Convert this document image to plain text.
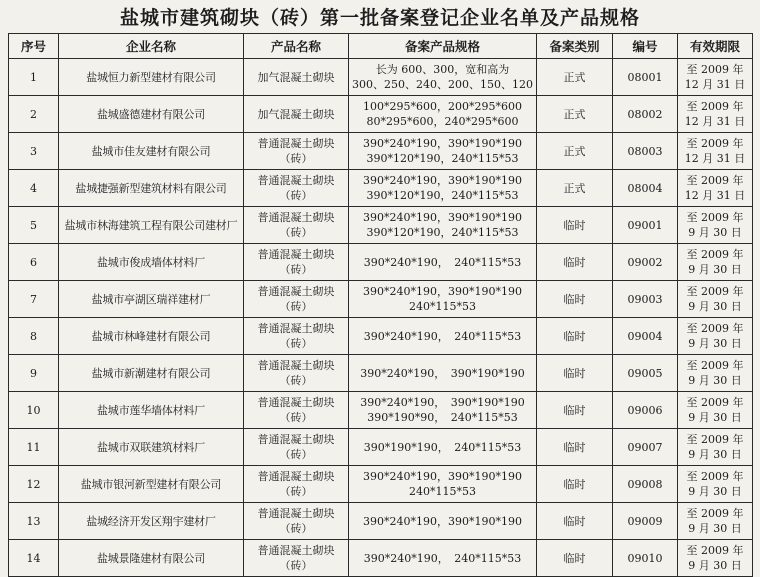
盐城市建筑砌块（砖）第一批备案登记企业名单及产品规格
序号	企业名称	产品名称	备案产品规格	备案类别	编号	有效期限
1	盐城恒力新型建材有限公司	加气混凝土砌块	长为 600、300，宽和高为
300、250、240、200、150、120	正式	08001	至 2009 年
12 月 31 日

2	盐城盛德建材有限公司	加气混凝土砌块	100*295*600，200*295*600
80*295*600，240*295*600	正式	08002	至 2009 年
12 月 31 日

3	盐城市佳友建材有限公司	普通混凝土砌块
（砖）	390*240*190，390*190*190
390*120*190，240*115*53	正式	08003	至 2009 年
12 月 31 日

4	盐城捷强新型建筑材料有限公司	普通混凝土砌块
（砖）	390*240*190，390*190*190
390*120*190，240*115*53	正式	08004	至 2009 年
12 月 31 日

5	盐城市林海建筑工程有限公司建材厂	普通混凝土砌块
（砖）	390*240*190，390*190*190
390*120*190，240*115*53	临时	09001	至 2009 年
9 月 30 日

6	盐城市俊成墙体材料厂	普通混凝土砌块
（砖）	390*240*190，　240*115*53	临时	09002	至 2009 年
9 月 30 日

7	盐城市亭湖区瑞祥建材厂	普通混凝土砌块
（砖）	390*240*190，390*190*190
240*115*53	临时	09003	至 2009 年
9 月 30 日

8	盐城市林峰建材有限公司	普通混凝土砌块
（砖）	390*240*190，　240*115*53	临时	09004	至 2009 年
9 月 30 日

9	盐城市新潮建材有限公司	普通混凝土砌块
（砖）	390*240*190，　390*190*190	临时	09005	至 2009 年
9 月 30 日

10	盐城市莲华墙体材料厂	普通混凝土砌块
（砖）	390*240*190，　390*190*190
390*190*90，　240*115*53	临时	09006	至 2009 年
9 月 30 日

11	盐城市双联建筑材料厂	普通混凝土砌块
（砖）	390*190*190，　240*115*53	临时	09007	至 2009 年
9 月 30 日

12	盐城市银河新型建材有限公司	普通混凝土砌块
（砖）	390*240*190，390*190*190
240*115*53	临时	09008	至 2009 年
9 月 30 日

13	盐城经济开发区翔宇建材厂	普通混凝土砌块
（砖）	390*240*190，390*190*190	临时	09009	至 2009 年
9 月 30 日

14	盐城景隆建材有限公司	普通混凝土砌块
（砖）	390*240*190，　240*115*53	临时	09010	至 2009 年
9 月 30 日
